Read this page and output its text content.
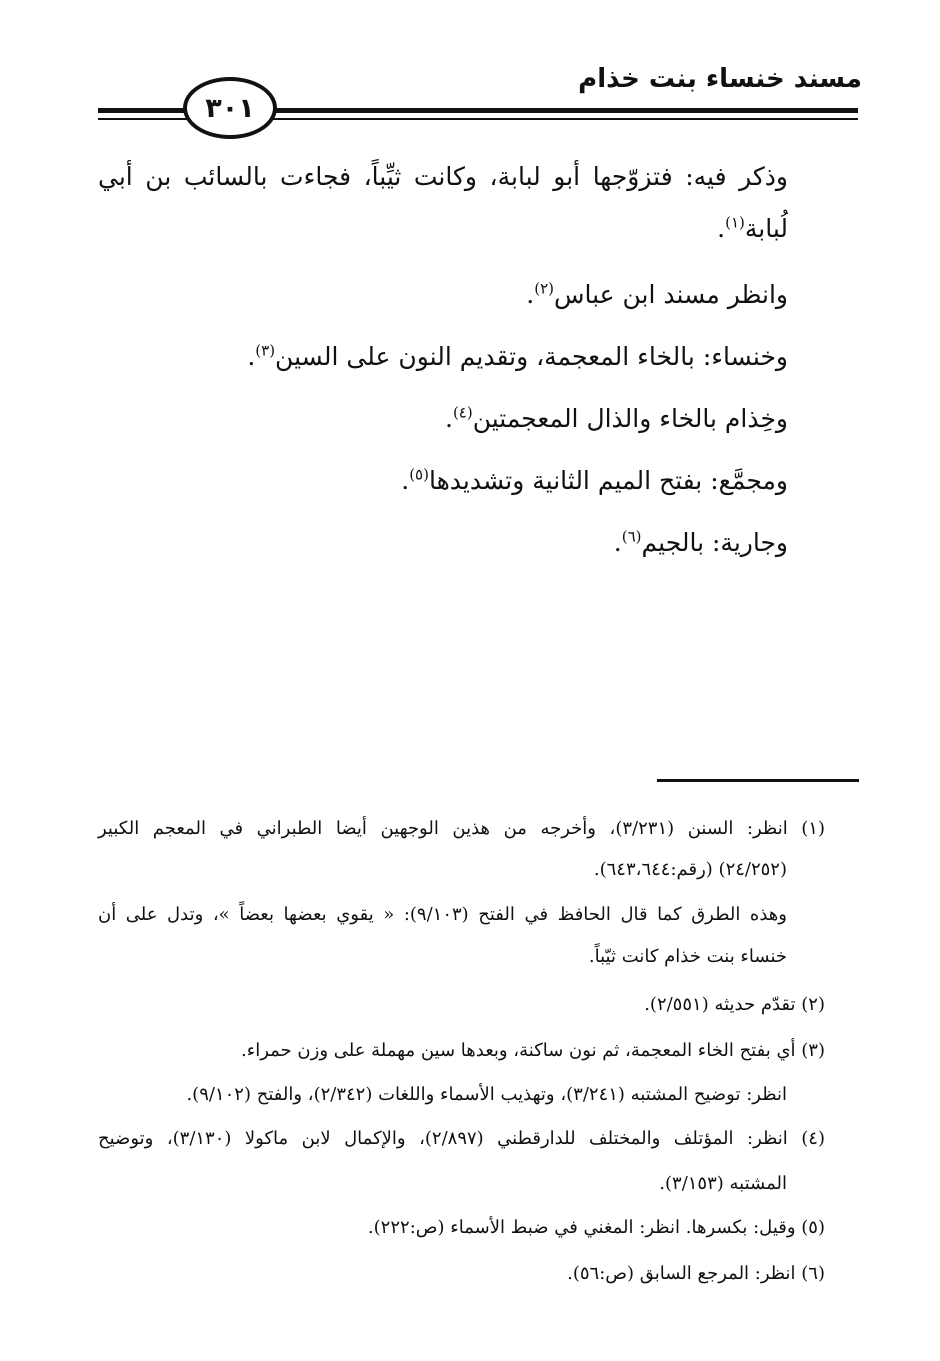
مسند خنساء بنت خذام
٣٠١
وذكر فيه: فتزوّجها أبو لبابة، وكانت ثيِّباً، فجاءت بالسائب بن أبي
لُبابة$^{(١)}$.
وانظر مسند ابن عباس$^{(٢)}$.
وخنساء: بالخاء المعجمة، وتقديم النون على السين$^{(٣)}$.
وخِذام بالخاء والذال المعجمتين$^{(٤)}$.
ومجمَّع: بفتح الميم الثانية وتشديدها$^{(٥)}$.
وجارية: بالجيم$^{(٦)}$.
(١) انظر: السنن (٣/٢٣١)، وأخرجه من هذين الوجهين أيضا الطبراني في المعجم الكبير
(٢٤/٢٥٢) (رقم:٦٤٣،٦٤٤).
وهذه الطرق كما قال الحافظ في الفتح (٩/١٠٣): « يقوي بعضها بعضاً »، وتدل على أن
خنساء بنت خذام كانت ثيّباً.
(٢) تقدّم حديثه (٢/٥٥١).
(٣) أي بفتح الخاء المعجمة، ثم نون ساكنة، وبعدها سين مهملة على وزن حمراء.
انظر: توضيح المشتبه (٣/٢٤١)، وتهذيب الأسماء واللغات (٢/٣٤٢)، والفتح (٩/١٠٢).
(٤) انظر: المؤتلف والمختلف للدارقطني (٢/٨٩٧)، والإكمال لابن ماكولا (٣/١٣٠)، وتوضيح
المشتبه (٣/١٥٣).
(٥) وقيل: بكسرها. انظر: المغني في ضبط الأسماء (ص:٢٢٢).
(٦) انظر: المرجع السابق (ص:٥٦).
